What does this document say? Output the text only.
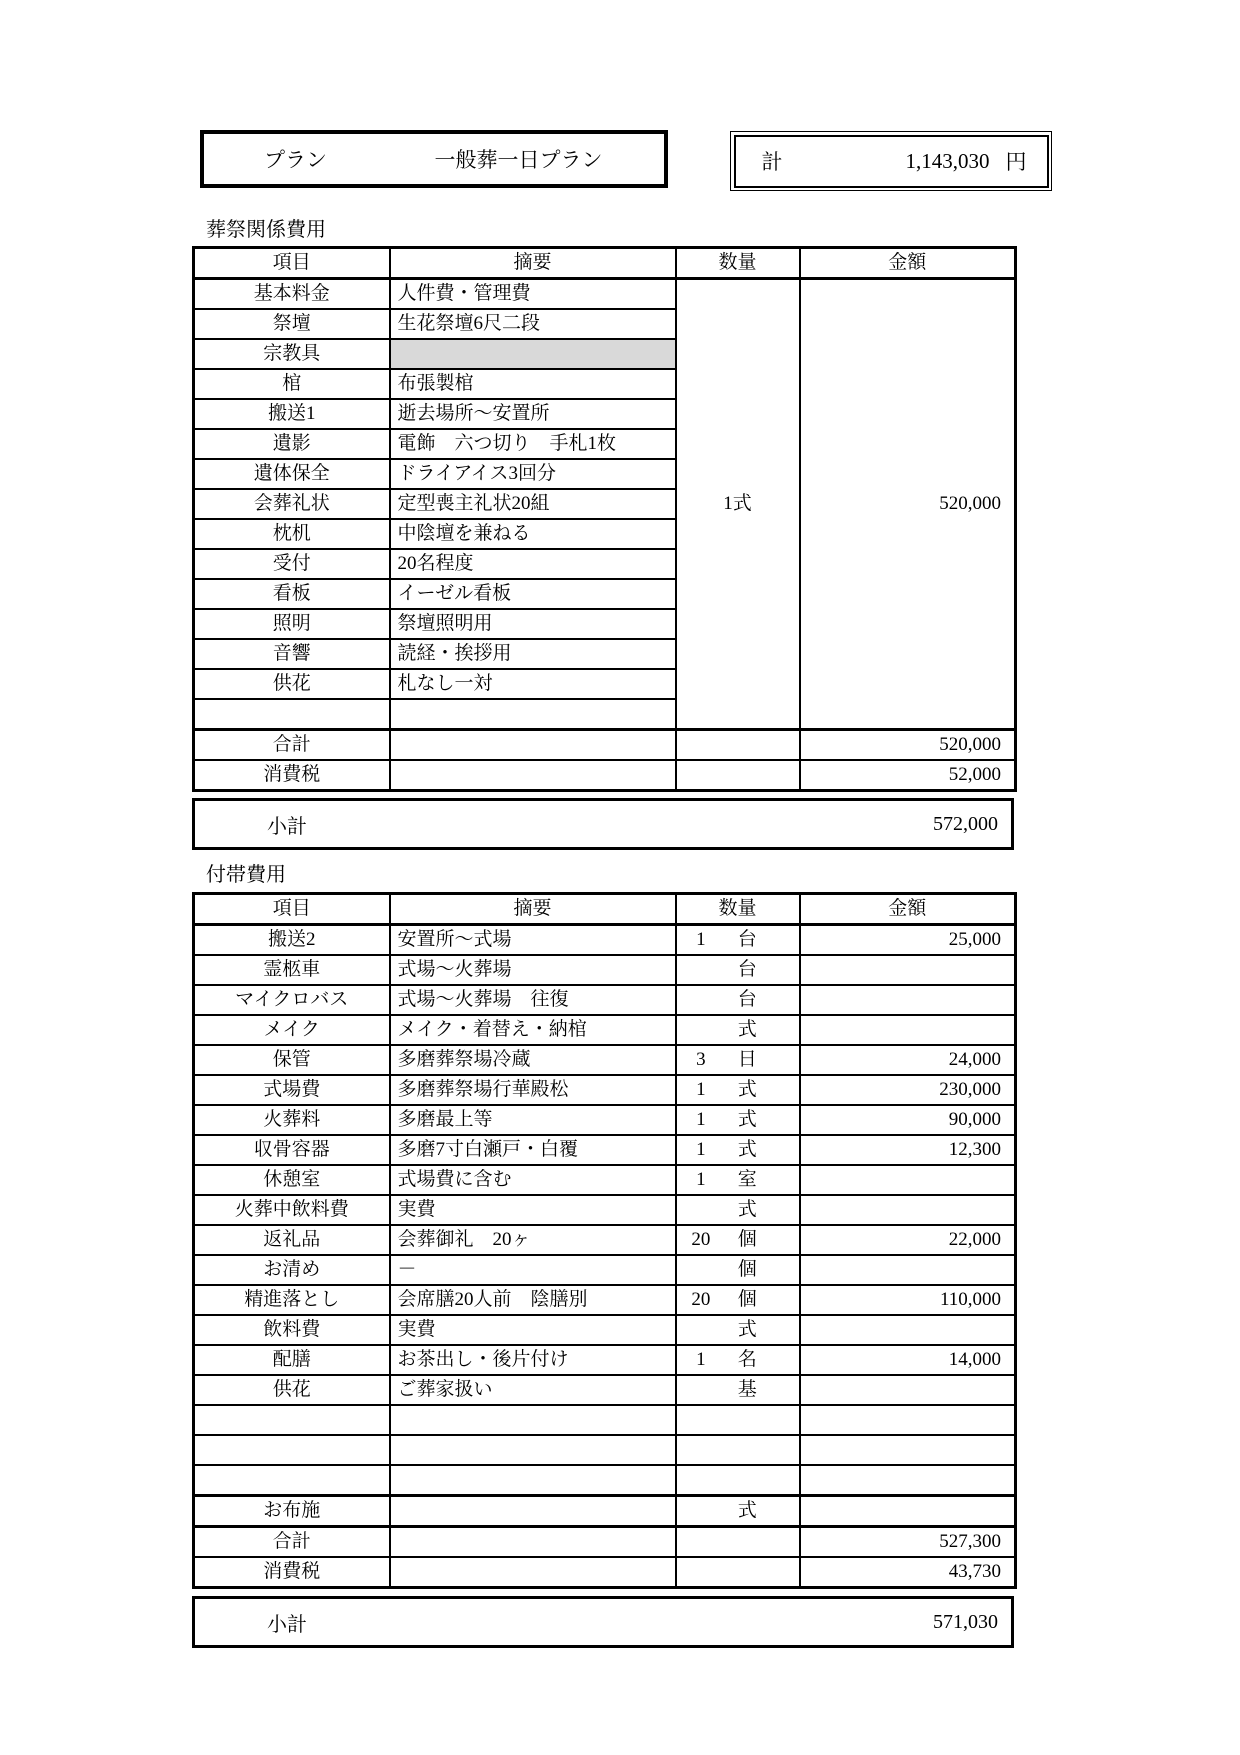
プラン	一般葬一日プラン	計	1,143,030 円
葬祭関係費用
項目	摘要	数量	金額
基本料金	人件費・管理費	1式	520,000
祭壇	生花祭壇6尺二段		
宗教具			
棺	布張製棺		
搬送1	逝去場所～安置所		
遺影	電飾　六つ切り　手札1枚		
遺体保全	ドライアイス3回分		
会葬礼状	定型喪主礼状20組		
枕机	中陰壇を兼ねる		
受付	20名程度		
看板	イーゼル看板		
照明	祭壇照明用		
音響	読経・挨拶用		
供花	札なし一対		

合計			520,000
消費税			52,000
小計	572,000
付帯費用
項目	摘要	数量	金額
搬送2	安置所～式場	1 台	25,000
霊柩車	式場～火葬場	台	

マイクロバス	式場～火葬場　往復	台	

メイク	メイク・着替え・納棺	式	

保管	多磨葬祭場冷蔵	3 日	24,000
式場費	多磨葬祭場行華殿松	1 式	230,000
火葬料	多磨最上等	1 式	90,000
収骨容器	多磨7寸白瀬戸・白覆	1 式	12,300
休憩室	式場費に含む	1 室	

火葬中飲料費	実費	式	

返礼品	会葬御礼　20ヶ	20 個	22,000
お清め	－	個	

精進落とし	会席膳20人前　陰膳別	20 個	110,000
飲料費	実費	式	

配膳	お茶出し・後片付け	1 名	14,000
供花	ご葬家扱い	基	

お布施		式	

合計			527,300
消費税			43,730
小計	571,030
